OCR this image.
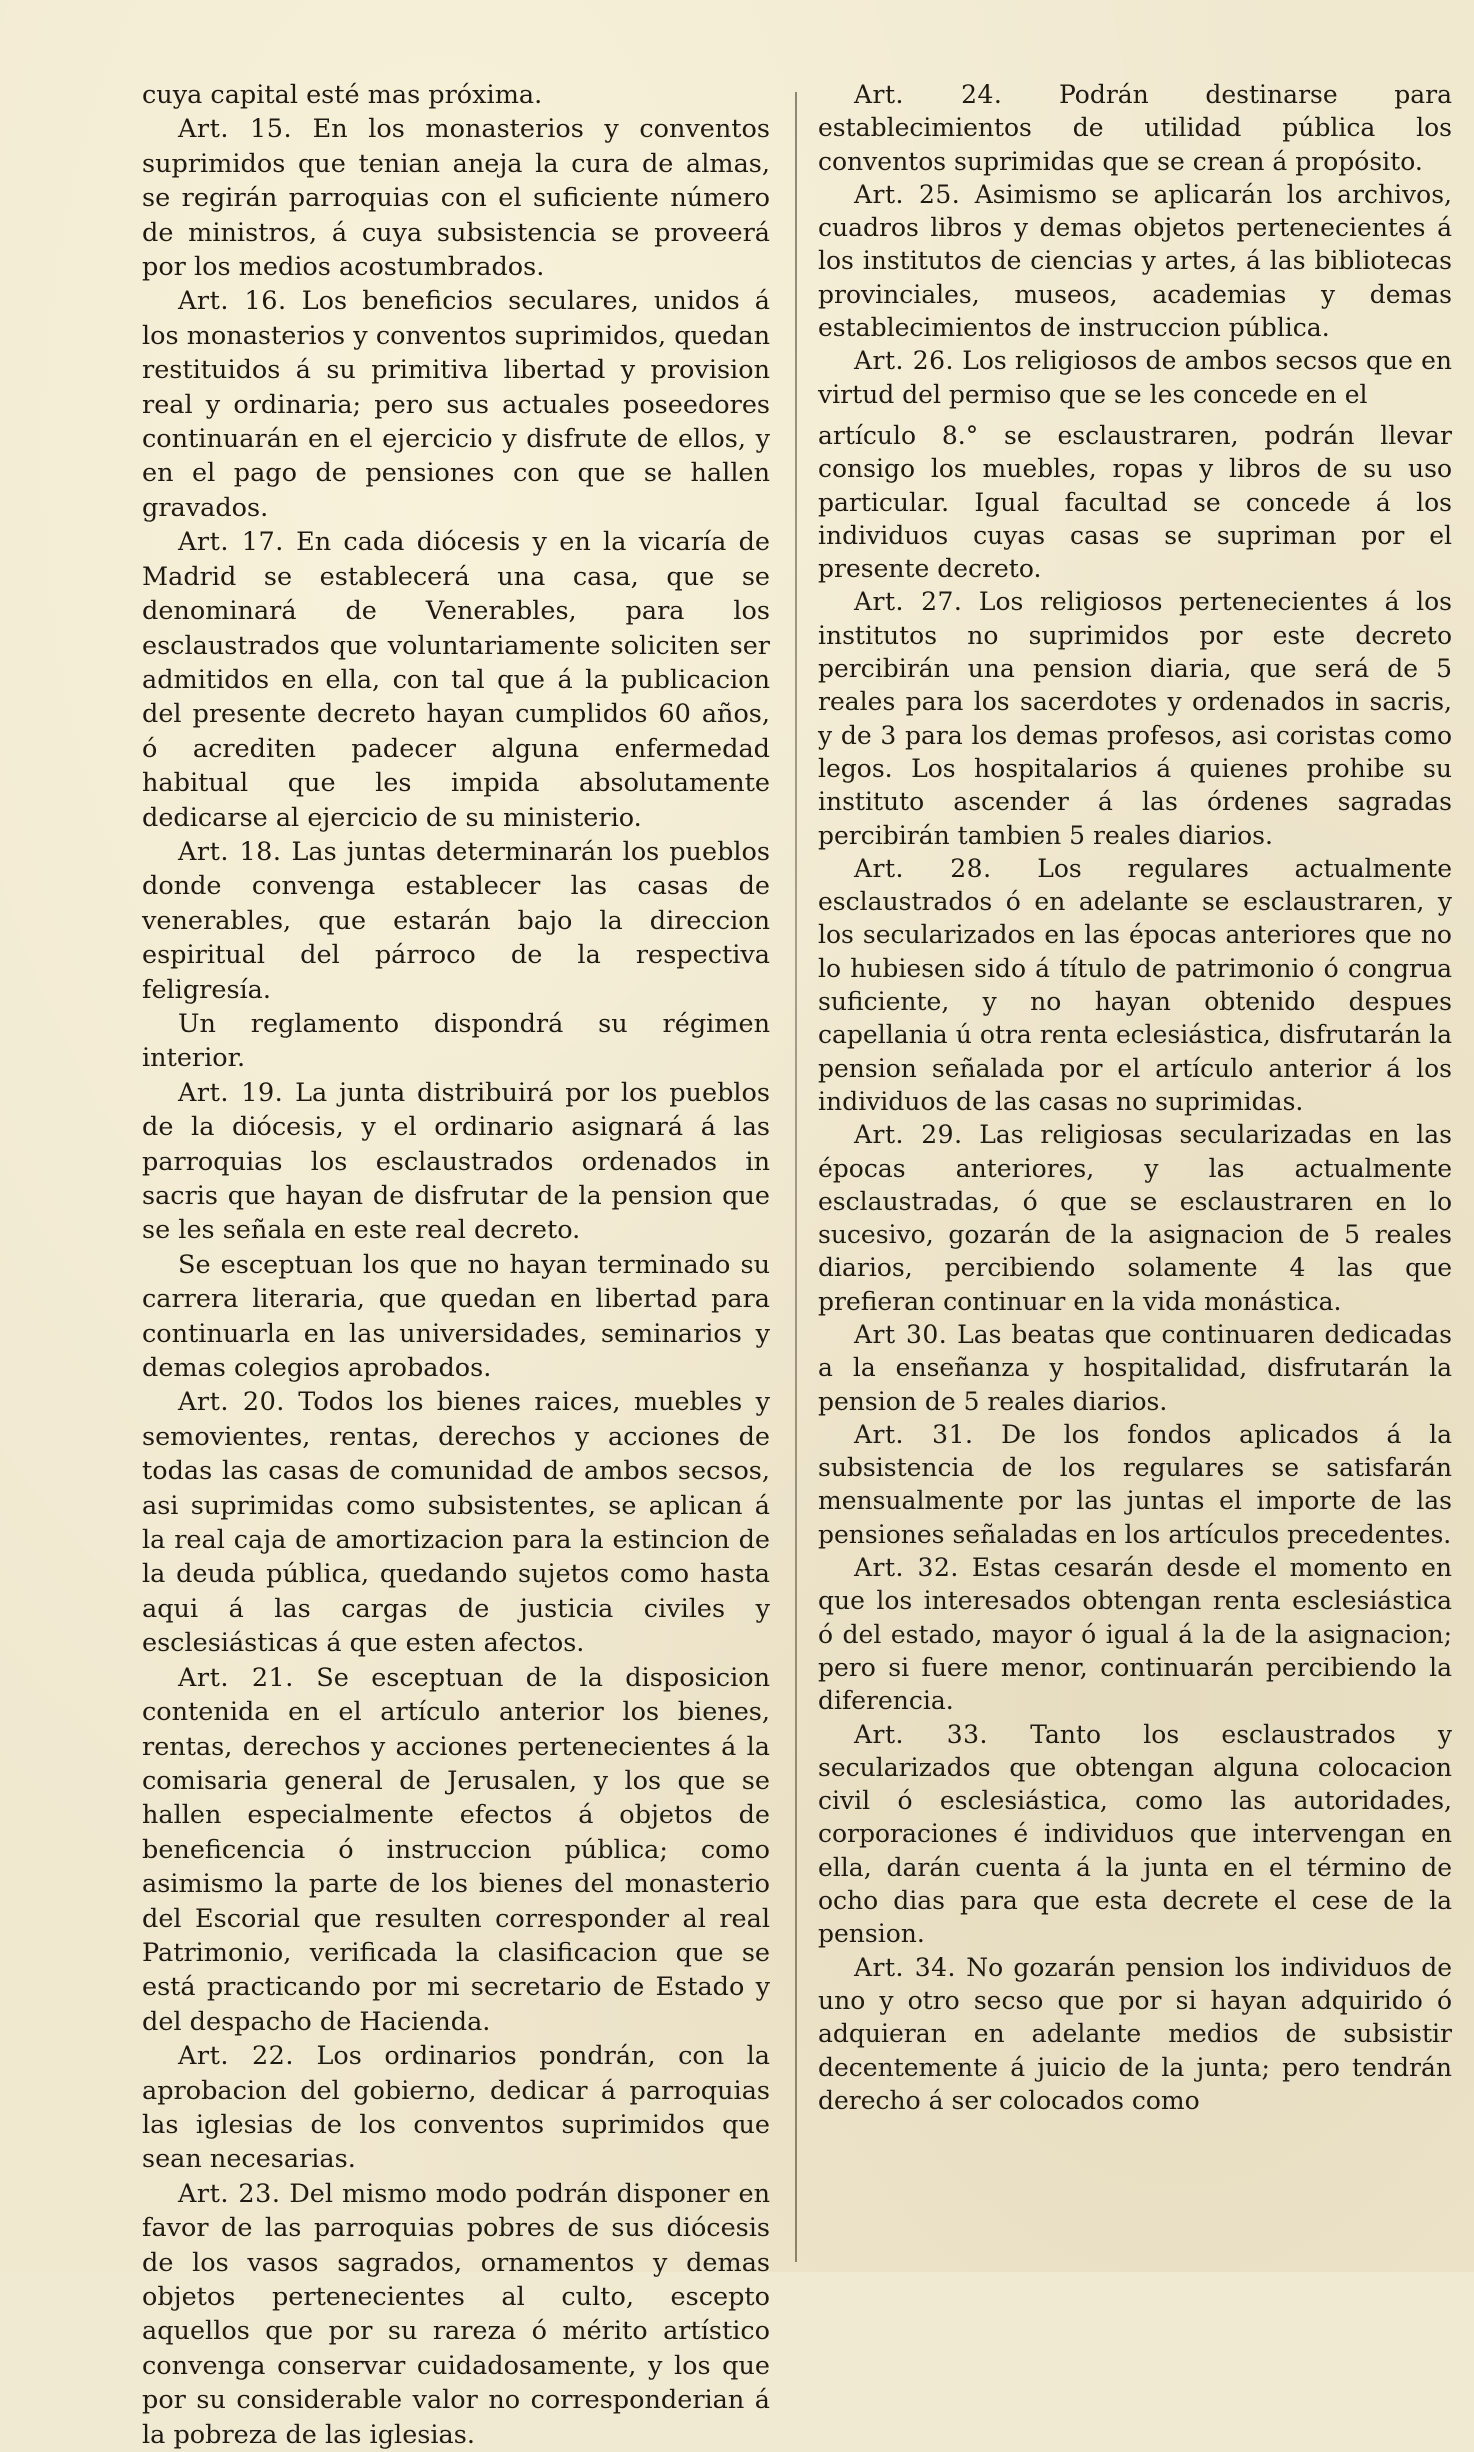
cuya capital esté mas próxima.

Art. 15. En los monasterios y conventos suprimidos que tenian aneja la cura de almas, se regirán parroquias con el suficiente número de ministros, á cuya subsistencia se proveerá por los medios acostumbrados.

Art. 16. Los beneficios seculares, unidos á los monasterios y conventos suprimidos, quedan restituidos á su primitiva libertad y provision real y ordinaria; pero sus actuales poseedores continuarán en el ejercicio y disfrute de ellos, y en el pago de pensiones con que se hallen gravados.

Art. 17. En cada diócesis y en la vicaría de Madrid se establecerá una casa, que se denominará de Venerables, para los esclaustrados que voluntariamente soliciten ser admitidos en ella, con tal que á la publicacion del presente decreto hayan cumplidos 60 años, ó acrediten padecer alguna enfermedad habitual que les impida absolutamente dedicarse al ejercicio de su ministerio.

Art. 18. Las juntas determinarán los pueblos donde convenga establecer las casas de venerables, que estarán bajo la direccion espiritual del párroco de la respectiva feligresía.

Un reglamento dispondrá su régimen interior.

Art. 19. La junta distribuirá por los pueblos de la diócesis, y el ordinario asignará á las parroquias los esclaustrados ordenados in sacris que hayan de disfrutar de la pension que se les señala en este real decreto.

Se esceptuan los que no hayan terminado su carrera literaria, que quedan en libertad para continuarla en las universidades, seminarios y demas colegios aprobados.

Art. 20. Todos los bienes raices, muebles y semovientes, rentas, derechos y acciones de todas las casas de comunidad de ambos secsos, asi suprimidas como subsistentes, se aplican á la real caja de amortizacion para la estincion de la deuda pública, quedando sujetos como hasta aqui á las cargas de justicia civiles y esclesiásticas á que esten afectos.

Art. 21. Se esceptuan de la disposicion contenida en el artículo anterior los bienes, rentas, derechos y acciones pertenecientes á la comisaria general de Jerusalen, y los que se hallen especialmente efectos á objetos de beneficencia ó instruccion pública; como asimismo la parte de los bienes del monasterio del Escorial que resulten corresponder al real Patrimonio, verificada la clasificacion que se está practicando por mi secretario de Estado y del despacho de Hacienda.

Art. 22. Los ordinarios pondrán, con la aprobacion del gobierno, dedicar á parroquias las iglesias de los conventos suprimidos que sean necesarias.

Art. 23. Del mismo modo podrán disponer en favor de las parroquias pobres de sus diócesis de los vasos sagrados, ornamentos y demas objetos pertenecientes al culto, escepto aquellos que por su rareza ó mérito artístico convenga conservar cuidadosamente, y los que por su considerable valor no corresponderian á la pobreza de las iglesias.

Art. 24. Podrán destinarse para establecimientos de utilidad pública los conventos suprimidas que se crean á propósito.

Art. 25. Asimismo se aplicarán los archivos, cuadros libros y demas objetos pertenecientes á los institutos de ciencias y artes, á las bibliotecas provinciales, museos, academias y demas establecimientos de instruccion pública.

Art. 26. Los religiosos de ambos secsos que en virtud del permiso que se les concede en el

artículo 8.° se esclaustraren, podrán llevar consigo los muebles, ropas y libros de su uso particular. Igual facultad se concede á los individuos cuyas casas se supriman por el presente decreto.

Art. 27. Los religiosos pertenecientes á los institutos no suprimidos por este decreto percibirán una pension diaria, que será de 5 reales para los sacerdotes y ordenados in sacris, y de 3 para los demas profesos, asi coristas como legos. Los hospitalarios á quienes prohibe su instituto ascender á las órdenes sagradas percibirán tambien 5 reales diarios.

Art. 28. Los regulares actualmente esclaustrados ó en adelante se esclaustraren, y los secularizados en las épocas anteriores que no lo hubiesen sido á título de patrimonio ó congrua suficiente, y no hayan obtenido despues capellania ú otra renta eclesiástica, disfrutarán la pension señalada por el artículo anterior á los individuos de las casas no suprimidas.

Art. 29. Las religiosas secularizadas en las épocas anteriores, y las actualmente esclaustradas, ó que se esclaustraren en lo sucesivo, gozarán de la asignacion de 5 reales diarios, percibiendo solamente 4 las que prefieran continuar en la vida monástica.

Art 30. Las beatas que continuaren dedicadas a la enseñanza y hospitalidad, disfrutarán la pension de 5 reales diarios.

Art. 31. De los fondos aplicados á la subsistencia de los regulares se satisfarán mensualmente por las juntas el importe de las pensiones señaladas en los artículos precedentes.

Art. 32. Estas cesarán desde el momento en que los interesados obtengan renta esclesiástica ó del estado, mayor ó igual á la de la asignacion; pero si fuere menor, continuarán percibiendo la diferencia.

Art. 33. Tanto los esclaustrados y secularizados que obtengan alguna colocacion civil ó esclesiástica, como las autoridades, corporaciones é individuos que intervengan en ella, darán cuenta á la junta en el término de ocho dias para que esta decrete el cese de la pension.

Art. 34. No gozarán pension los individuos de uno y otro secso que por si hayan adquirido ó adquieran en adelante medios de subsistir decentemente á juicio de la junta; pero tendrán derecho á ser colocados como
